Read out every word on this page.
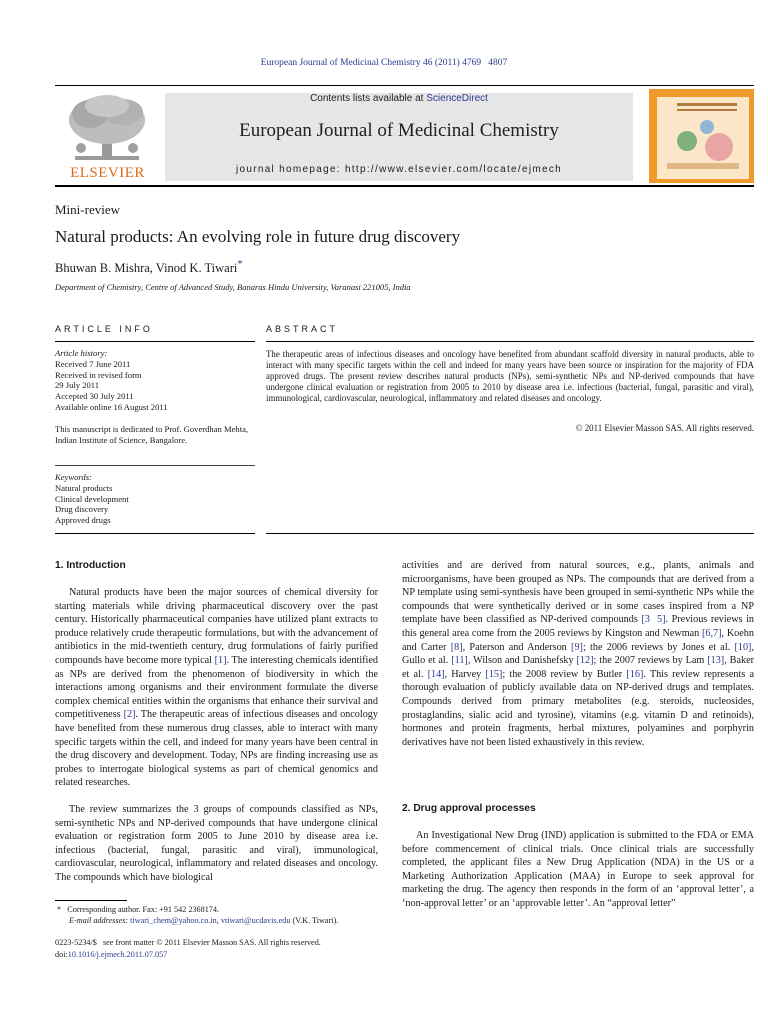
European Journal of Medicinal Chemistry 46 (2011) 4769   4807
ELSEVIER
Contents lists available at ScienceDirect
European Journal of Medicinal Chemistry
journal homepage: http://www.elsevier.com/locate/ejmech
Mini-review
Natural products: An evolving role in future drug discovery
Bhuwan B. Mishra, Vinod K. Tiwari*
Department of Chemistry, Centre of Advanced Study, Banaras Hindu University, Varanasi 221005, India
ARTICLE INFO	ABSTRACT
Article history:
Received 7 June 2011
Received in revised form
29 July 2011
Accepted 30 July 2011
Available online 16 August 2011
This manuscript is dedicated to Prof. Goverdhan Mehta, Indian Institute of Science, Bangalore.
Keywords:
Natural products
Clinical development
Drug discovery
Approved drugs
The therapeutic areas of infectious diseases and oncology have benefited from abundant scaffold diversity in natural products, able to interact with many specific targets within the cell and indeed for many years have been source or inspiration for the majority of FDA approved drugs. The present review describes natural products (NPs), semi-synthetic NPs and NP-derived compounds that have undergone clinical evaluation or registration from 2005 to 2010 by disease area i.e. infectious (bacterial, fungal, parasitic and viral), immunological, cardiovascular, neurological, inflammatory and related diseases and oncology.
© 2011 Elsevier Masson SAS. All rights reserved.
1. Introduction
Natural products have been the major sources of chemical diversity for starting materials while driving pharmaceutical discovery over the past century. Historically pharmaceutical companies have utilized plant extracts to produce relatively crude therapeutic formulations, but with the advancement of antibiotics in the mid-twentieth century, drug formulations of fairly purified compounds have become more typical [1]. The interesting chemicals identified as NPs are derived from the phenomenon of biodiversity in which the interactions among organisms and their environment formulate the diverse complex chemical entities within the organisms that enhance their survival and competitiveness [2]. The therapeutic areas of infectious diseases and oncology have benefited from these numerous drug classes, able to interact with many specific targets within the cell, and indeed for many years have been central in the drug discovery and development. Today, NPs are finding increasing use as probes to interrogate biological systems as part of chemical genomics and related researches.
The review summarizes the 3 groups of compounds classified as NPs, semi-synthetic NPs and NP-derived compounds that have undergone clinical evaluation or registration form 2005 to June 2010 by disease area i.e. infectious (bacterial, fungal, parasitic and viral), immunological, cardiovascular, neurological, inflammatory and related diseases and oncology. The compounds which have biological
activities and are derived from natural sources, e.g., plants, animals and microorganisms, have been grouped as NPs. The compounds that are derived from a NP template using semi-synthesis have been grouped in semi-synthetic NPs while the compounds that were synthetically derived or in some cases inspired from a NP template have been classified as NP-derived compounds [3  5]. Previous reviews in this general area come from the 2005 reviews by Kingston and Newman [6,7], Koehn and Carter [8], Paterson and Anderson [9]; the 2006 reviews by Jones et al. [10], Gullo et al. [11], Wilson and Danishefsky [12]; the 2007 reviews by Lam [13], Baker et al. [14], Harvey [15]; the 2008 review by Butler [16]. This review represents a thorough evaluation of publicly available data on NP-derived drugs and templates. Compounds derived from primary metabolites (e.g. steroids, nucleosides, prostaglandins, sialic acid and tyrosine), vitamins (e.g. vitamin D and retinoids), hormones and protein fragments, herbal mixtures, polyamines and porphyrin derivatives have not been listed exhaustively in this review.
2. Drug approval processes
An Investigational New Drug (IND) application is submitted to the FDA or EMA before commencement of clinical trials. Once clinical trials are successfully completed, the applicant files a New Drug Application (NDA) in the US or a Marketing Authorization Application (MAA) in Europe to seek approval for marketing the drug. The agency then responds in the form of an ‘approval letter’, a ‘non-approval letter’ or an ‘approvable letter’. An “approval letter”
*   Corresponding author. Fax: +91 542 2368174.
E-mail addresses: tiwari_chem@yahoo.co.in, vtiwari@ucdavis.edu (V.K. Tiwari).
0223-5234/$   see front matter © 2011 Elsevier Masson SAS. All rights reserved.
doi:10.1016/j.ejmech.2011.07.057
